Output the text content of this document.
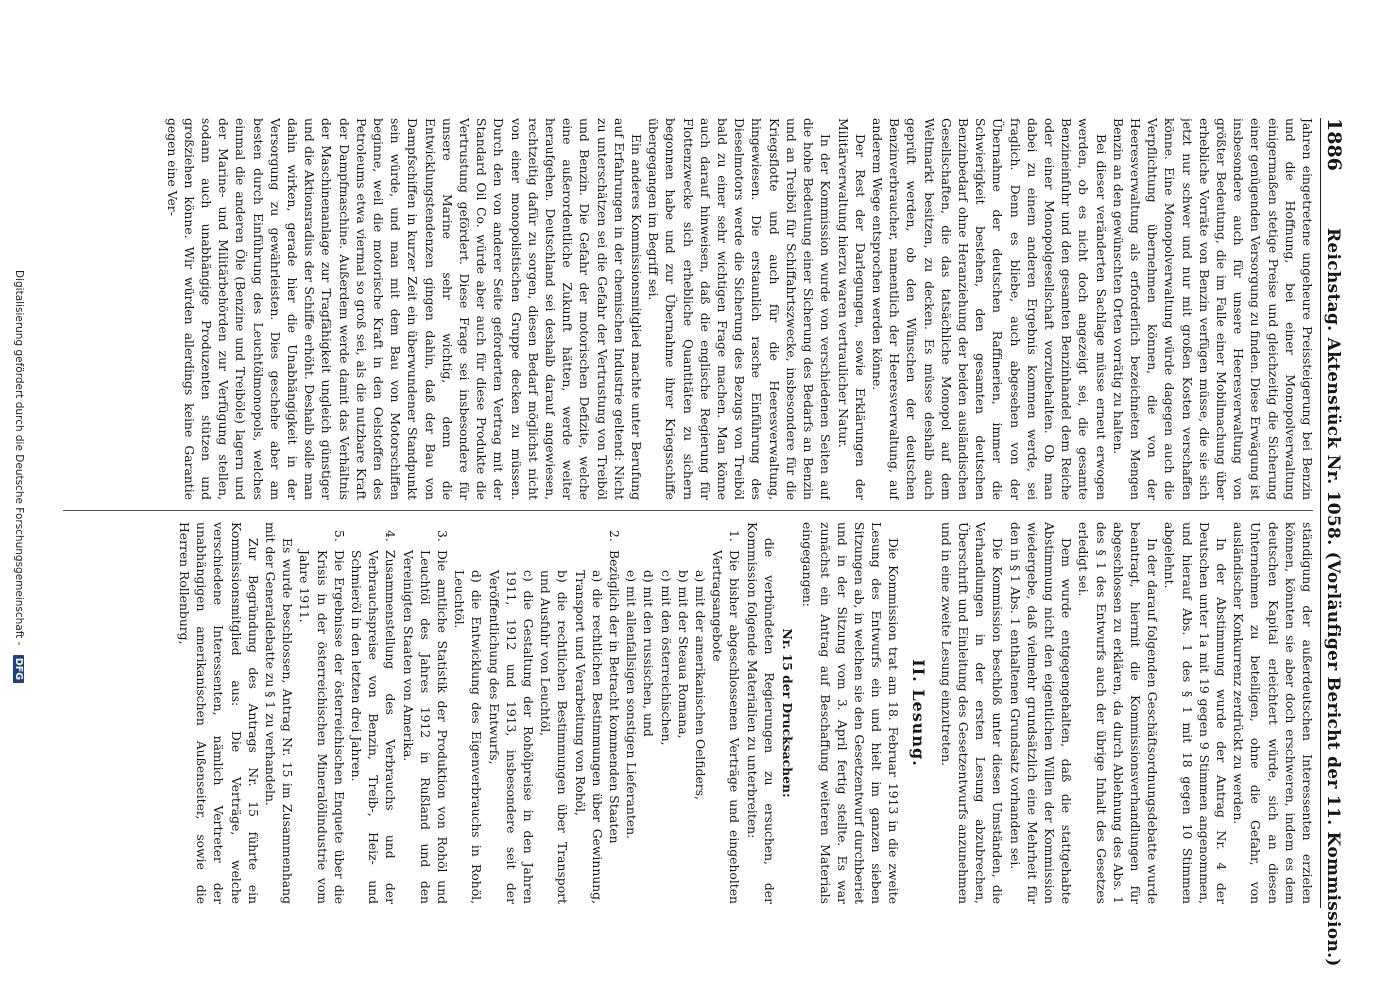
1886
Reichstag. Aktenstück Nr. 1058. (Vorläufiger Bericht der 11. Kommission.)

Jahren eingetretene ungeheure Preissteigerung bei Benzin und die Hoffnung, bei einer Monopolverwaltung einigermaßen stetige Preise und gleichzeitig die Sicherung einer genügenden Versorgung zu finden. Diese Erwägung ist insbesondere auch für unsere Heeresverwaltung von größter Bedeutung, die im Falle einer Mobilmachung über erhebliche Vorräte von Benzin verfügen müsse, die sie sich jetzt nur schwer und nur mit großen Kosten verschaffen könne. Eine Monopolverwaltung würde dagegen auch die Verpflichtung übernehmen können, die von der Heeresverwaltung als erforderlich bezeichneten Mengen Benzin an den gewünschten Orten vorrätig zu halten.

Bei dieser veränderten Sachlage müsse erneut erwogen werden, ob es nicht doch angezeigt sei, die gesamte Benzineinfuhr und den gesamten Benzinhandel dem Reiche oder einer Monopolgesellschaft vorzubehalten. Ob man dabei zu einem anderen Ergebnis kommen werde, sei fraglich. Denn es bliebe, auch abgesehen von der Übernahme der deutschen Raffinerien, immer die Schwierigkeit bestehen, den gesamten deutschen Benzinbedarf ohne Heranziehung der beiden ausländischen Gesellschaften, die das tatsächliche Monopol auf dem Weltmarkt besitzen, zu decken. Es müsse deshalb auch geprüft werden, ob den Wünschen der deutschen Benzinverbraucher, namentlich der Heeresverwaltung, auf anderem Wege entsprochen werden könne.

Der Rest der Darlegungen, sowie Erklärungen der Militärverwaltung hierzu waren vertraulicher Natur.

In der Kommission wurde von verschiedenen Seiten auf die hohe Bedeutung einer Sicherung des Bedarfs an Benzin und an Treiböl für Schiffahrtszwecke, insbesondere für die Kriegsflotte und auch für die Heeresverwaltung, hingewiesen. Die erstaunlich rasche Einführung des Dieselmotors werde die Sicherung des Bezugs von Treiböl bald zu einer sehr wichtigen Frage machen. Man könne auch darauf hinweisen, daß die englische Regierung für Flottenzwecke sich erhebliche Quantitäten zu sichern begonnen habe und zur Übernahme ihrer Kriegsschiffe übergegangen im Begriff sei.

Ein anderes Kommissionsmitglied machte unter Berufung auf Erfahrungen in der chemischen Industrie geltend: Nicht zu unterschätzen sei die Gefahr der Vertrustung von Treiböl und Benzin. Die Gefahr der motorischen Defizite, welche eine außerordentliche Zukunft hätten, werde weiter heraufgehen. Deutschland sei deshalb darauf angewiesen, rechtzeitig dafür zu sorgen, diesen Bedarf möglichst nicht von einer monopolistischen Gruppe decken zu müssen. Durch den von anderer Seite geforderten Vertrag mit der Standard Oil Co. würde aber auch für diese Produkte die Vertrustung gefördert. Diese Frage sei insbesondere für unsere Marine sehr wichtig, denn die Entwicklungstendenzen gingen dahin, daß der Bau von Dampfschiffen in kurzer Zeit ein überwundener Standpunkt sein würde, und man mit dem Bau von Motorschiffen beginne, weil die motorische Kraft in den Oelstoffen des Petroleums etwa viermal so groß sei, als die nutzbare Kraft der Dampfmaschine. Außerdem werde damit das Verhältnis der Maschinenanlage zur Tragfähigkeit ungleich günstiger und die Aktionsradius der Schiffe erhöht. Deshalb solle man dahin wirken, gerade hier die Unabhängigkeit in der Versorgung zu gewährleisten. Dies geschehe aber am besten durch Einführung des Leuchtölmonopols, welches einmal die anderen Öle (Benzine und Treiböle) lagern und der Marine- und Militärbehörden zur Verfügung stellen, sodann auch unabhängige Produzenten stützen und großziehen könne. Wir würden allerdings keine Garantie gegen eine Ver-

ständigung der außerdeutschen Interessenten erzielen können, könnten sie aber doch erschweren, indem es dem deutschen Kapital erleichtert würde, sich an diesen Unternehmen zu beteiligen, ohne die Gefahr, von ausländischer Konkurrenz zerdrückt zu werden.

In der Abstimmung wurde der Antrag Nr. 4 der Deutschen unter 1a mit 19 gegen 9 Stimmen angenommen, und hierauf Abs. 1 des § 1 mit 18 gegen 10 Stimmen abgelehnt.

In der darauf folgenden Geschäftsordnungsdebatte wurde beantragt, hiermit die Kommissionsverhandlungen für abgeschlossen zu erklären, da durch Ablehnung des Abs. 1 des § 1 des Entwurfs auch der übrige Inhalt des Gesetzes erledigt sei.

Dem wurde entgegengehalten, daß die stattgehabte Abstimmung nicht den eigentlichen Willen der Kommission wiedergebe, daß vielmehr grundsätzlich eine Mehrheit für den in § 1 Abs. 1 enthaltenen Grundsatz vorhanden sei.

Die Kommission beschloß unter diesen Umständen, die Verhandlungen in der ersten Lesung abzubrechen, Überschrift und Einleitung des Gesetzentwurfs anzunehmen und in eine zweite Lesung einzutreten.

II. Lesung.

Die Kommission trat am 18. Februar 1913 in die zweite Lesung des Entwurfs ein und hielt im ganzen sieben Sitzungen ab, in welchen sie den Gesetzentwurf durchberiet und in der Sitzung vom 3. April fertig stellte. Es war zunächst ein Antrag auf Beschaffung weiteren Materials eingegangen:

Nr. 15 der Drucksachen:

die verbündeten Regierungen zu ersuchen, der Kommission folgende Materialien zu unterbreiten:

1.
Die bisher abgeschlossenen Verträge und eingeholten Vertragsangebote

a) mit der amerikanischen Oelfiders,

b) mit der Steaua Romana,

c) mit den österreichischen,

d) mit den russischen, und

e) mit allenfallsigen sonstigen Lieferanten.

2.
Bezüglich der in Betracht kommenden Staaten

a) die rechtlichen Bestimmungen über Gewinnung, Transport und Verarbeitung von Rohöl,

b) die rechtlichen Bestimmungen über Transport und Ausfuhr von Leuchtöl,

c) die Gestaltung der Rohölpreise in den Jahren 1911, 1912 und 1913, insbesondere seit der Veröffentlichung des Entwurfs,

d) die Entwicklung des Eigenverbrauchs in Rohöl, Leuchtöl.

3.
Die amtliche Statistik der Produktion von Rohöl und Leuchtöl des Jahres 1912 in Rußland und den Vereinigten Staaten von Amerika.

4.
Zusammenstellung des Verbrauchs und der Verbrauchspreise von Benzin, Treib-, Heiz- und Schmieröl in den letzten drei Jahren.

5.
Die Ergebnisse der österreichischen Enquete über die Krisis in der österreichischen Mineralölindustrie vom Jahre 1911.

Es wurde beschlossen, Antrag Nr. 15 im Zusammenhang mit der Generaldebatte zu § 1 zu verhandeln.

Zur Begründung des Antrags Nr. 15 führte ein Kommissionsmitglied aus: Die Verträge, welche verschiedene Interessenten, nämlich Vertreter der unabhängigen amerikanischen Außenseiter, sowie die Herren Rollenburg,

Digitalisierung gefördert durch die Deutsche Forschungsgemeinschaft - DFG
